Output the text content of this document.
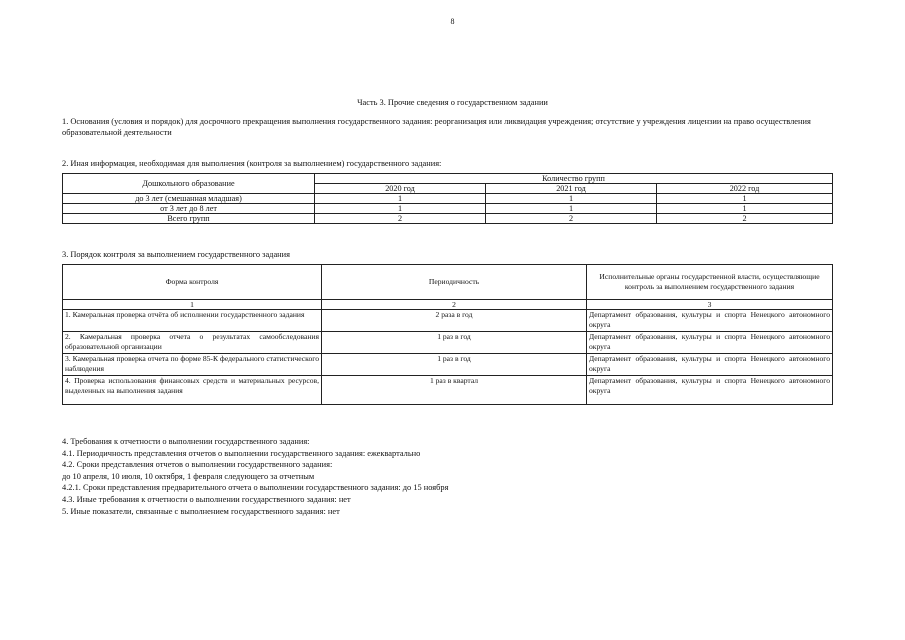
8
Часть 3. Прочие сведения о государственном задании

1. Основания (условия и порядок) для досрочного прекращения выполнения государственного задания: реорганизация или ликвидация учреждения; отсутствие у учреждения лицензии на право осуществления образовательной деятельности

2. Иная информация, необходимая для выполнения (контроля за выполнением) государственного задания:

Дошкольного образование	Количество групп		
	2020 год	2021 год	2022 год
до 3 лет (смешанная младшая)	1	1	1
от 3 лет до 8 лет	1	1	1
Всего групп	2	2	2

3. Порядок контроля за выполнением государственного задания

Форма контроля	Периодичность	Исполнительные органы государственной власти, осуществляющие контроль за выполнением государственного задания
1	2	3
1. Камеральная проверка отчёта об исполнении государственного задания	2 раза в год	Департамент образования, культуры и спорта Ненецкого автономного округа
2. Камеральная проверка отчета о результатах самообследования образовательной организации	1 раз в год	Департамент образования, культуры и спорта Ненецкого автономного округа
3. Камеральная проверка отчета по форме 85-К федерального статистического наблюдения	1 раз в год	Департамент образования, культуры и спорта Ненецкого автономного округа
4. Проверка использования финансовых средств и материальных ресурсов, выделенных на выполнения задания	1 раз в квартал	Департамент образования, культуры и спорта Ненецкого автономного округа

4. Требования к отчетности о выполнении государственного задания:

4.1. Периодичность представления отчетов о выполнении государственного задания: ежеквартально

4.2. Сроки представления отчетов о выполнении государственного задания:

до 10 апреля, 10 июля, 10 октября, 1 февраля следующего за отчетным

4.2.1. Сроки представления предварительного отчета о выполнении государственного задания: до 15 ноября

4.3. Иные требования к отчетности о выполнении государственного задания: нет

5. Иные показатели, связанные с выполнением государственного задания: нет
